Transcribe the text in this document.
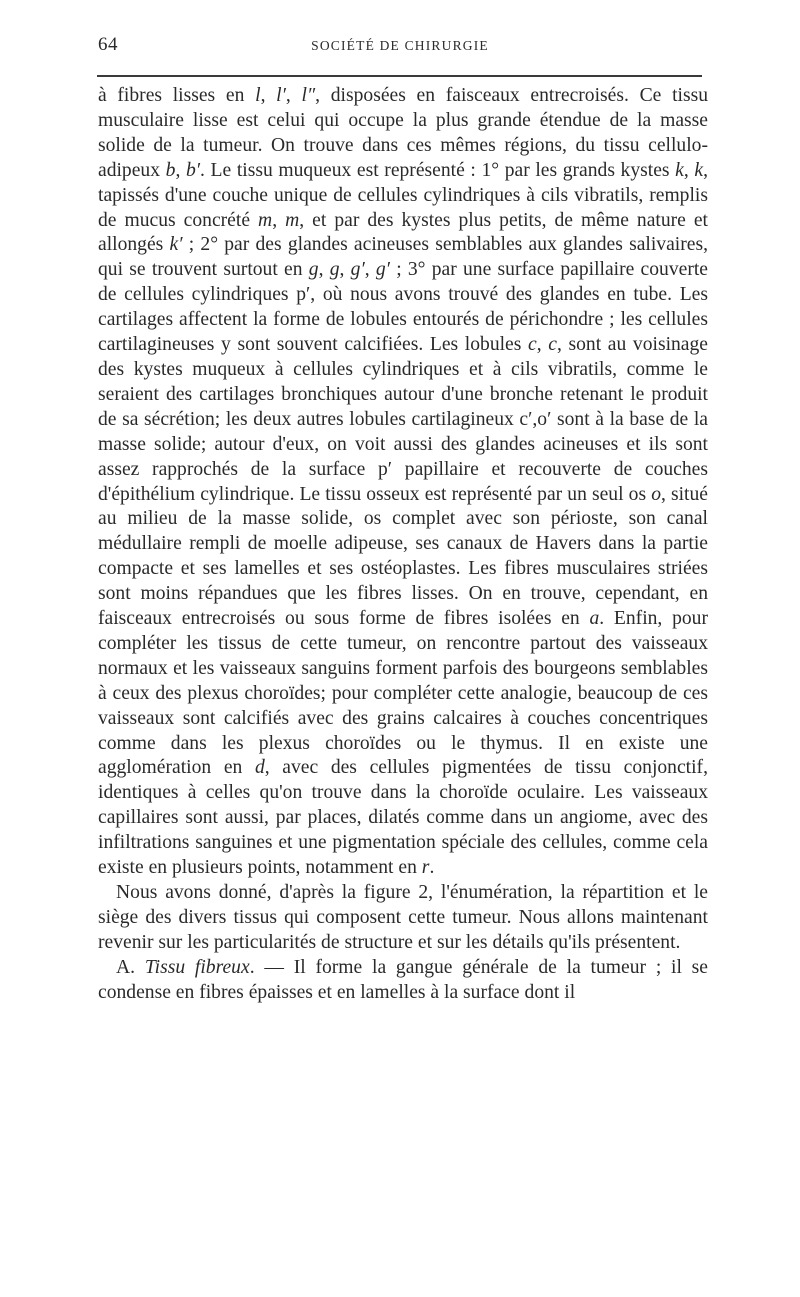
64	SOCIÉTÉ DE CHIRURGIE

à fibres lisses en l, l′, l″, disposées en faisceaux entrecroisés. Ce tissu musculaire lisse est celui qui occupe la plus grande étendue de la masse solide de la tumeur. On trouve dans ces mêmes régions, du tissu cellulo-adipeux b, b′. Le tissu muqueux est représenté : 1° par les grands kystes k, k, tapissés d'une couche unique de cellules cylindriques à cils vibratils, remplis de mucus concrété m, m, et par des kystes plus petits, de même nature et allongés k′ ; 2° par des glandes acineuses semblables aux glandes salivaires, qui se trouvent surtout en g, g, g′, g′ ; 3° par une surface papillaire couverte de cellules cylindriques p′, où nous avons trouvé des glandes en tube. Les cartilages affectent la forme de lobules entourés de périchondre ; les cellules cartilagineuses y sont souvent calcifiées. Les lobules c, c, sont au voisinage des kystes muqueux à cellules cylindriques et à cils vibratils, comme le seraient des cartilages bronchiques autour d'une bronche retenant le produit de sa sécrétion; les deux autres lobules cartilagineux c′,o′ sont à la base de la masse solide; autour d'eux, on voit aussi des glandes acineuses et ils sont assez rapprochés de la surface p′ papillaire et recouverte de couches d'épithélium cylindrique. Le tissu osseux est représenté par un seul os o, situé au milieu de la masse solide, os complet avec son périoste, son canal médullaire rempli de moelle adipeuse, ses canaux de Havers dans la partie compacte et ses lamelles et ses ostéoplastes. Les fibres musculaires striées sont moins répandues que les fibres lisses. On en trouve, cependant, en faisceaux entrecroisés ou sous forme de fibres isolées en a. Enfin, pour compléter les tissus de cette tumeur, on rencontre partout des vaisseaux normaux et les vaisseaux sanguins forment parfois des bourgeons semblables à ceux des plexus choroïdes; pour compléter cette analogie, beaucoup de ces vaisseaux sont calcifiés avec des grains calcaires à couches concentriques comme dans les plexus choroïdes ou le thymus. Il en existe une agglomération en d, avec des cellules pigmentées de tissu conjonctif, identiques à celles qu'on trouve dans la choroïde oculaire. Les vaisseaux capillaires sont aussi, par places, dilatés comme dans un angiome, avec des infiltrations sanguines et une pigmentation spéciale des cellules, comme cela existe en plusieurs points, notamment en r.

Nous avons donné, d'après la figure 2, l'énumération, la répartition et le siège des divers tissus qui composent cette tumeur. Nous allons maintenant revenir sur les particularités de structure et sur les détails qu'ils présentent.

A. Tissu fibreux. — Il forme la gangue générale de la tumeur ; il se condense en fibres épaisses et en lamelles à la surface dont il
